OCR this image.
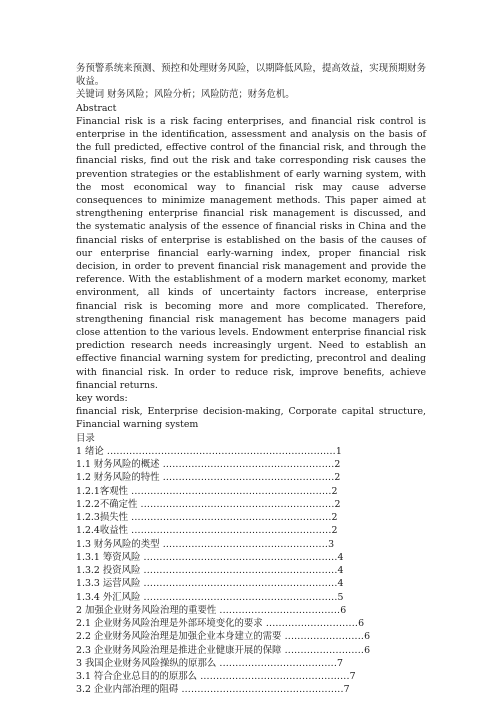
务预警系统来预测、预控和处理财务风险，以期降低风险，提高效益，实现预期财务收益。

关键词 财务风险；风险分析；风险防范；财务危机。

Abstract

Financial risk is a risk facing enterprises, and financial risk control is enterprise in the identification, assessment and analysis on the basis of the full predicted, effective control of the financial risk, and through the financial risks, find out the risk and take corresponding risk causes the prevention strategies or the establishment of early warning system, with the most economical way to financial risk may cause adverse consequences to minimize management methods. This paper aimed at strengthening enterprise financial risk management is discussed, and the systematic analysis of the essence of financial risks in China and the financial risks of enterprise is established on the basis of the causes of our enterprise financial early-warning index, proper financial risk decision, in order to prevent financial risk management and provide the reference. With the establishment of a modern market economy, market environment, all kinds of uncertainty factors increase, enterprise financial risk is becoming more and more complicated. Therefore, strengthening financial risk management has become managers paid close attention to the various levels. Endowment enterprise financial risk prediction research needs increasingly urgent. Need to establish an effective financial warning system for predicting, precontrol and dealing with financial risk. In order to reduce risk, improve benefits, achieve financial returns.

key words:

financial risk, Enterprise decision-making, Corporate capital structure, Financial warning system

目录

1 绪论 ........................................................................1
1.1 财务风险的概述 ......................................................2
1.2 财务风险的特性 ......................................................2
1.2.1客观性 ...............................................................2
1.2.2不确定性 .............................................................2
1.2.3损失性 ...............................................................2
1.2.4收益性 ...............................................................2
1.3 财务风险的类型 ....................................................3
1.3.1 筹资风险 .............................................................4
1.3.2 投资风险 .............................................................4
1.3.3 运营风险 .............................................................4
1.3.4 外汇风险 .............................................................5
2 加强企业财务风险治理的重要性 ......................................6
2.1 企业财务风险治理是外部环境变化的要求 .............................6
2.2 企业财务风险治理是加强企业本身建立的需要 .........................6
2.3 企业财务风险治理是推进企业健康开展的保障 .........................6
3 我国企业财务风险操纵的原那么 .....................................7
3.1 符合企业总目的的原那么 ...............................................7
3.2 企业内部治理的阻碍 ...................................................7
